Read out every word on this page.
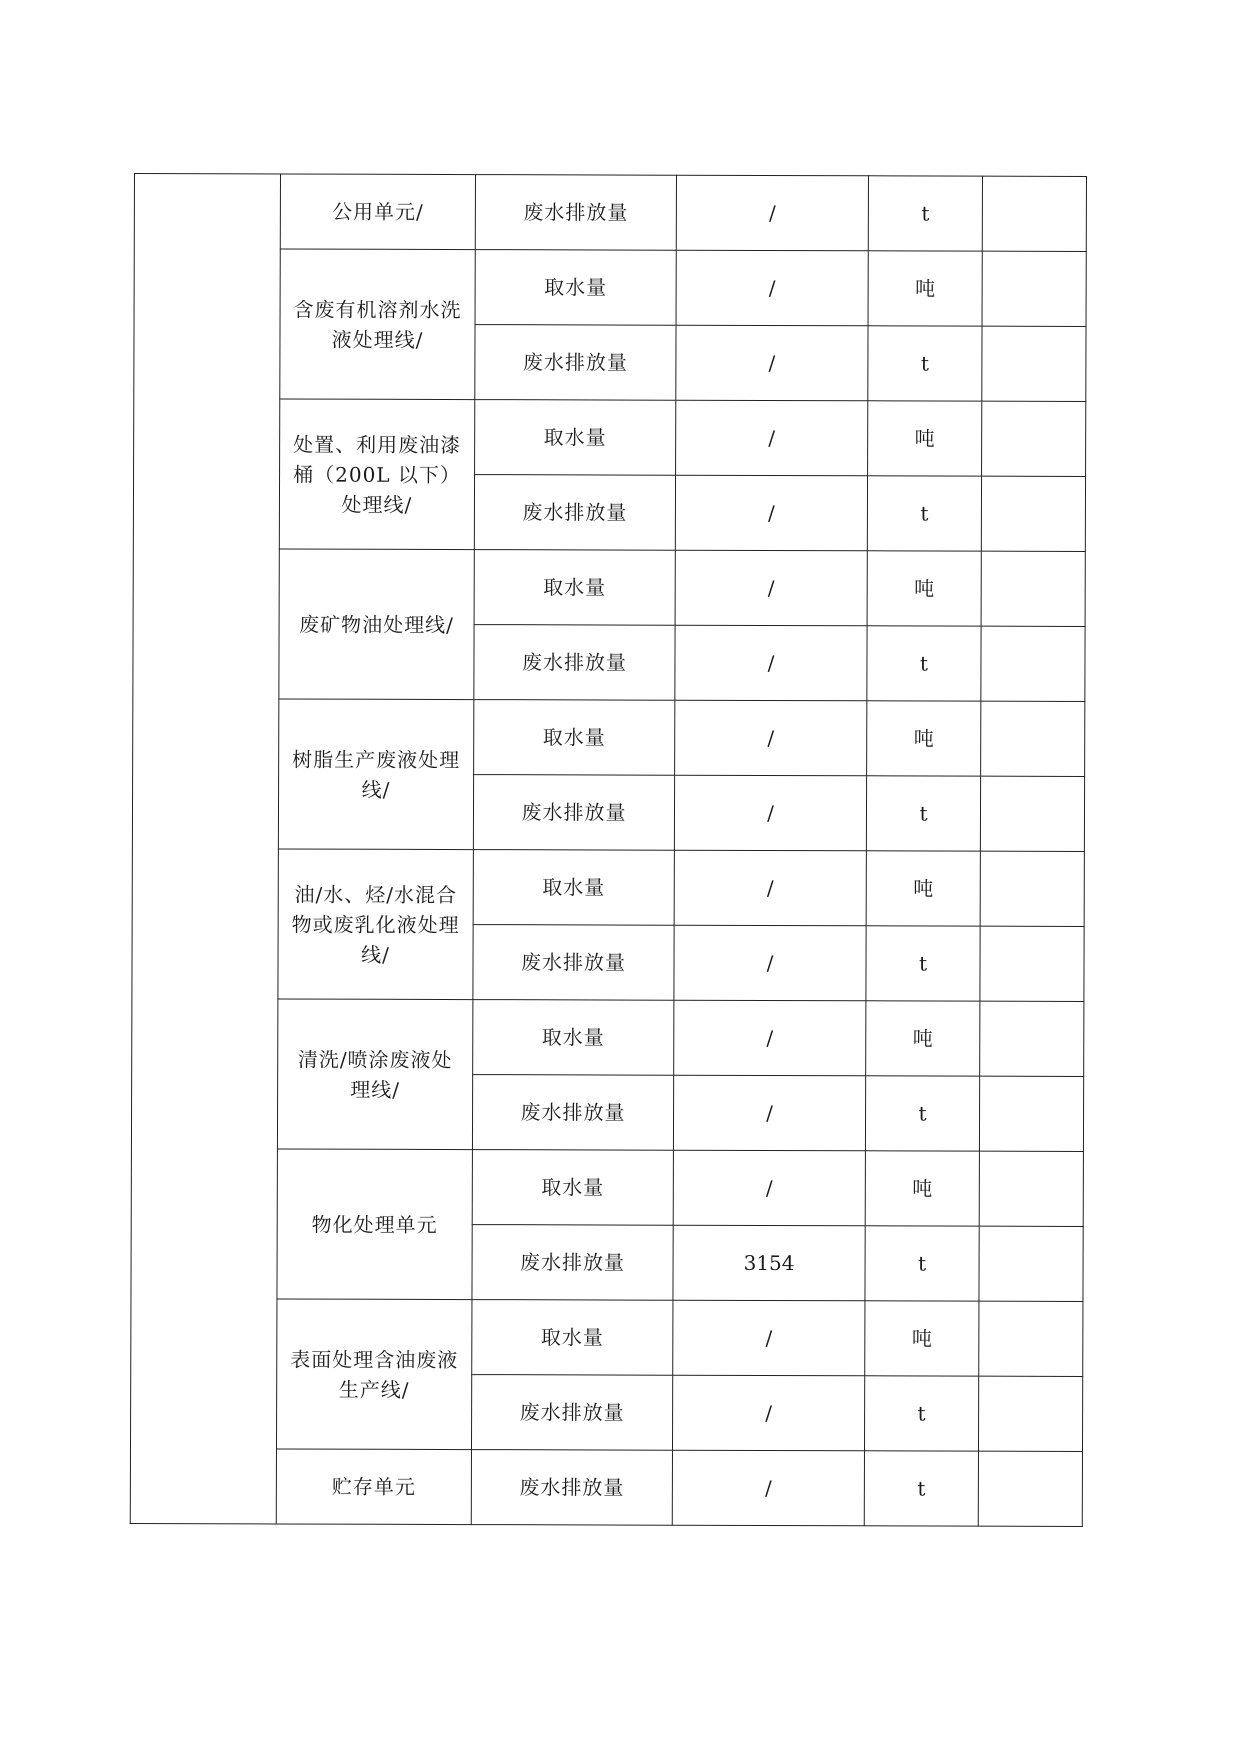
	公用单元/	废水排放量	/	t	
	含废有机溶剂水洗液处理线/	取水量	/	吨	
		废水排放量	/	t	
	处置、利用废油漆桶（200L 以下）处理线/	取水量	/	吨	
		废水排放量	/	t	
	废矿物油处理线/	取水量	/	吨	
		废水排放量	/	t	
	树脂生产废液处理线/	取水量	/	吨	
		废水排放量	/	t	
	油/水、烃/水混合物或废乳化液处理线/	取水量	/	吨	
		废水排放量	/	t	
	清洗/喷涂废液处理线/	取水量	/	吨	
		废水排放量	/	t	
	物化处理单元	取水量	/	吨	
		废水排放量	3154	t	
	表面处理含油废液生产线/	取水量	/	吨	
		废水排放量	/	t	
	贮存单元	废水排放量	/	t	
